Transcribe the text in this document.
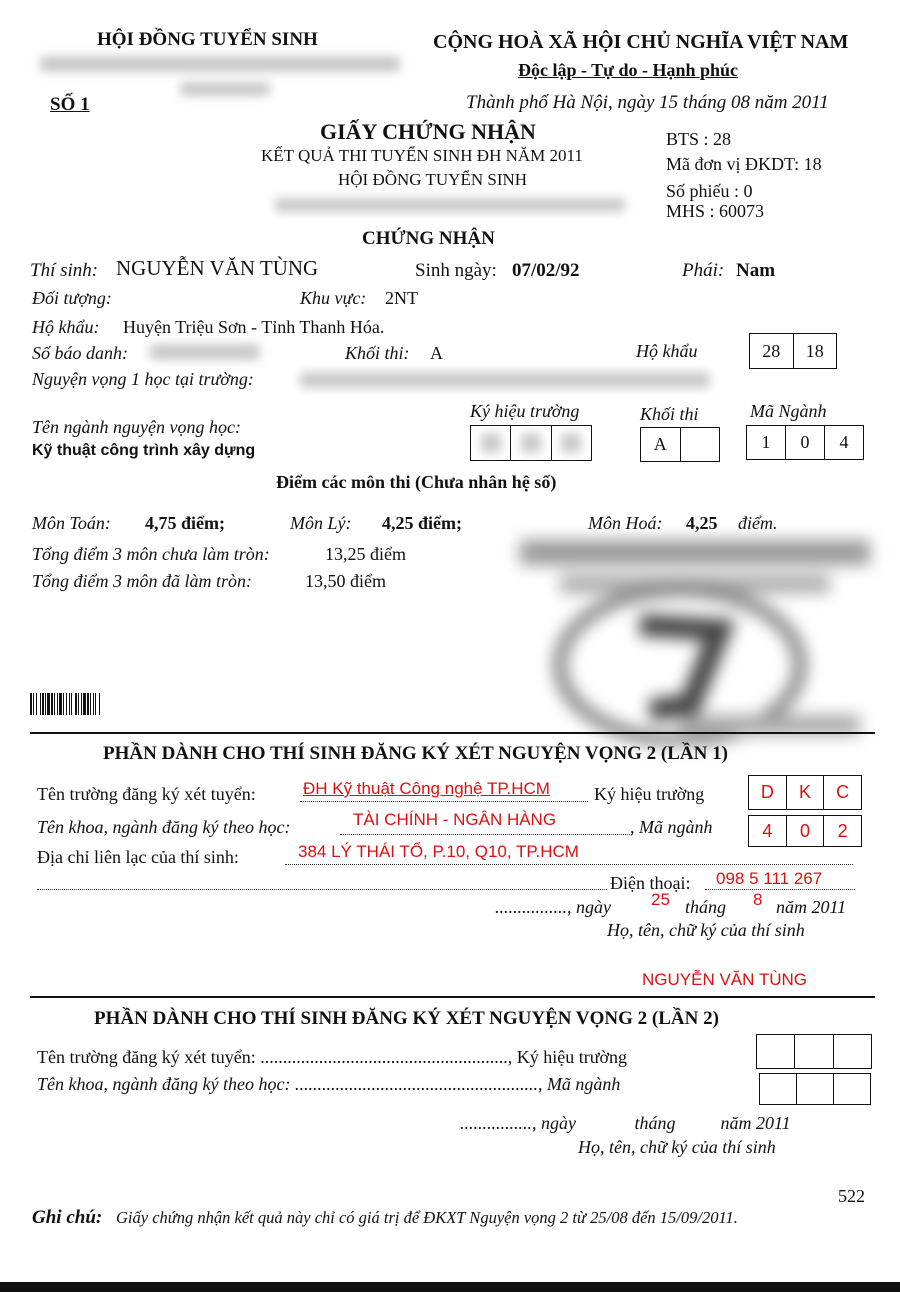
HỘI ĐỒNG TUYỂN SINH	CỘNG HOÀ XÃ HỘI CHỦ NGHĨA VIỆT NAM
Độc lập - Tự do - Hạnh phúc
SỐ 1	Thành phố Hà Nội, ngày 15 tháng 08 năm 2011
GIẤY CHỨNG NHẬN
KẾT QUẢ THI TUYỂN SINH ĐH NĂM 2011
HỘI ĐỒNG TUYỂN SINH
CHỨNG NHẬN
BTS : 28
Mã đơn vị ĐKDT: 18
Số phiếu : 0
MHS : 60073
Thí sinh: NGUYỄN VĂN TÙNG	Sinh ngày: 07/02/92	Phái: Nam
Đối tượng:	Khu vực: 2NT
Hộ khẩu: Huyện Triệu Sơn - Tỉnh Thanh Hóa.
Số báo danh:	Khối thi: A	Hộ khẩu	28	18
Nguyện vọng 1 học tại trường:
Ký hiệu trường	Khối thi	Mã Ngành
Tên ngành nguyện vọng học:
Kỹ thuật công trình xây dựng	A	1	0	4
Điểm các môn thi (Chưa nhân hệ số)
Môn Toán: 4,75 điểm;	Môn Lý: 4,25 điểm;	Môn Hoá: 4,25 điểm.
Tổng điểm 3 môn chưa làm tròn:	13,25 điểm
Tổng điểm 3 môn đã làm tròn:	13,50 điểm
PHẦN DÀNH CHO THÍ SINH ĐĂNG KÝ XÉT NGUYỆN VỌNG 2 (LẦN 1)
Tên trường đăng ký xét tuyển:	ĐH Kỹ thuật Công nghệ TP.HCM Ký hiệu trường	D	K	C
Tên khoa, ngành đăng ký theo học:	TÀI CHÍNH - NGÂN HÀNG	, Mã ngành	4	0	2
Địa chỉ liên lạc của thí sinh:	384 LÝ THÁI TỔ, P.10, Q10, TP.HCM
Điện thoại: 098 5 111 267
................, ngày 25 tháng 8 năm 2011
Họ, tên, chữ ký của thí sinh
NGUYỄN VĂN TÙNG
PHẦN DÀNH CHO THÍ SINH ĐĂNG KÝ XÉT NGUYỆN VỌNG 2 (LẦN 2)
Tên trường đăng ký xét tuyển: ......................................................., Ký hiệu trường
Tên khoa, ngành đăng ký theo học: ......................................................, Mã ngành
................, ngày             tháng          năm 2011
Họ, tên, chữ ký của thí sinh
522
Ghi chú: Giấy chứng nhận kết quả này chỉ có giá trị để ĐKXT Nguyện vọng 2 từ 25/08 đến 15/09/2011.
